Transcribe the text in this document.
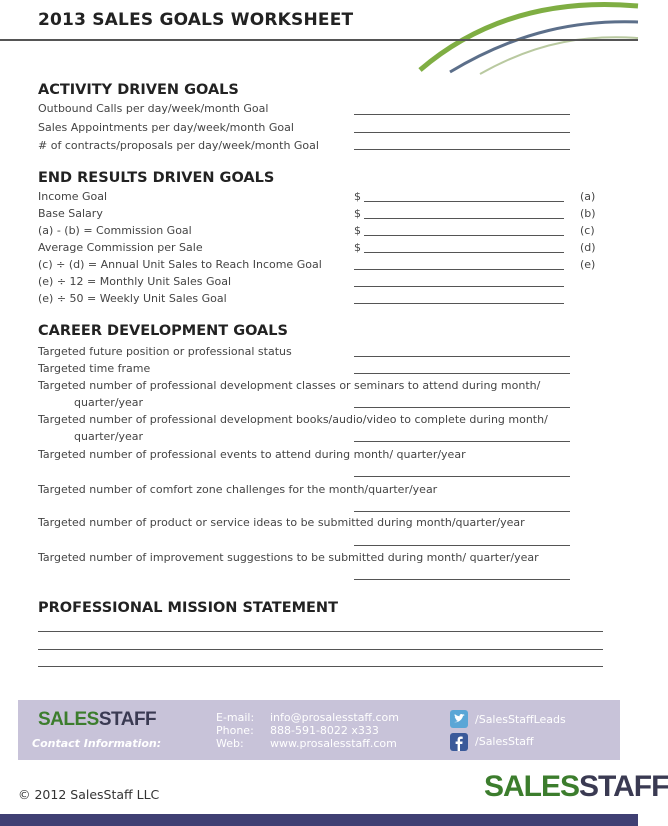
2013 SALES GOALS WORKSHEET
ACTIVITY DRIVEN GOALS
Outbound Calls per day/week/month Goal
Sales Appointments per day/week/month Goal
# of contracts/proposals per day/week/month Goal
END RESULTS DRIVEN GOALS
Income Goal	$	(a)
Base Salary	$	(b)
(a) - (b) = Commission Goal	$	(c)
Average Commission per Sale	$	(d)
(c) ÷ (d) = Annual Unit Sales to Reach Income Goal	(e)
(e) ÷ 12 = Monthly Unit Sales Goal
(e) ÷ 50 = Weekly Unit Sales Goal
CAREER DEVELOPMENT GOALS
Targeted future position or professional status
Targeted time frame
Targeted number of professional development classes or seminars to attend during month/
quarter/year
Targeted number of professional development books/audio/video to complete during month/
quarter/year
Targeted number of professional events to attend during month/ quarter/year
Targeted number of comfort zone challenges for the month/quarter/year
Targeted number of product or service ideas to be submitted during month/quarter/year
Targeted number of improvement suggestions to be submitted during month/ quarter/year
PROFESSIONAL MISSION STATEMENT
SALESSTAFF
Contact Information:
E-mail: info@prosalesstaff.com
Phone: 888-591-8022 x333
Web: www.prosalesstaff.com
/SalesStaffLeads
/SalesStaff
© 2012 SalesStaff LLC	SALESSTAFF
